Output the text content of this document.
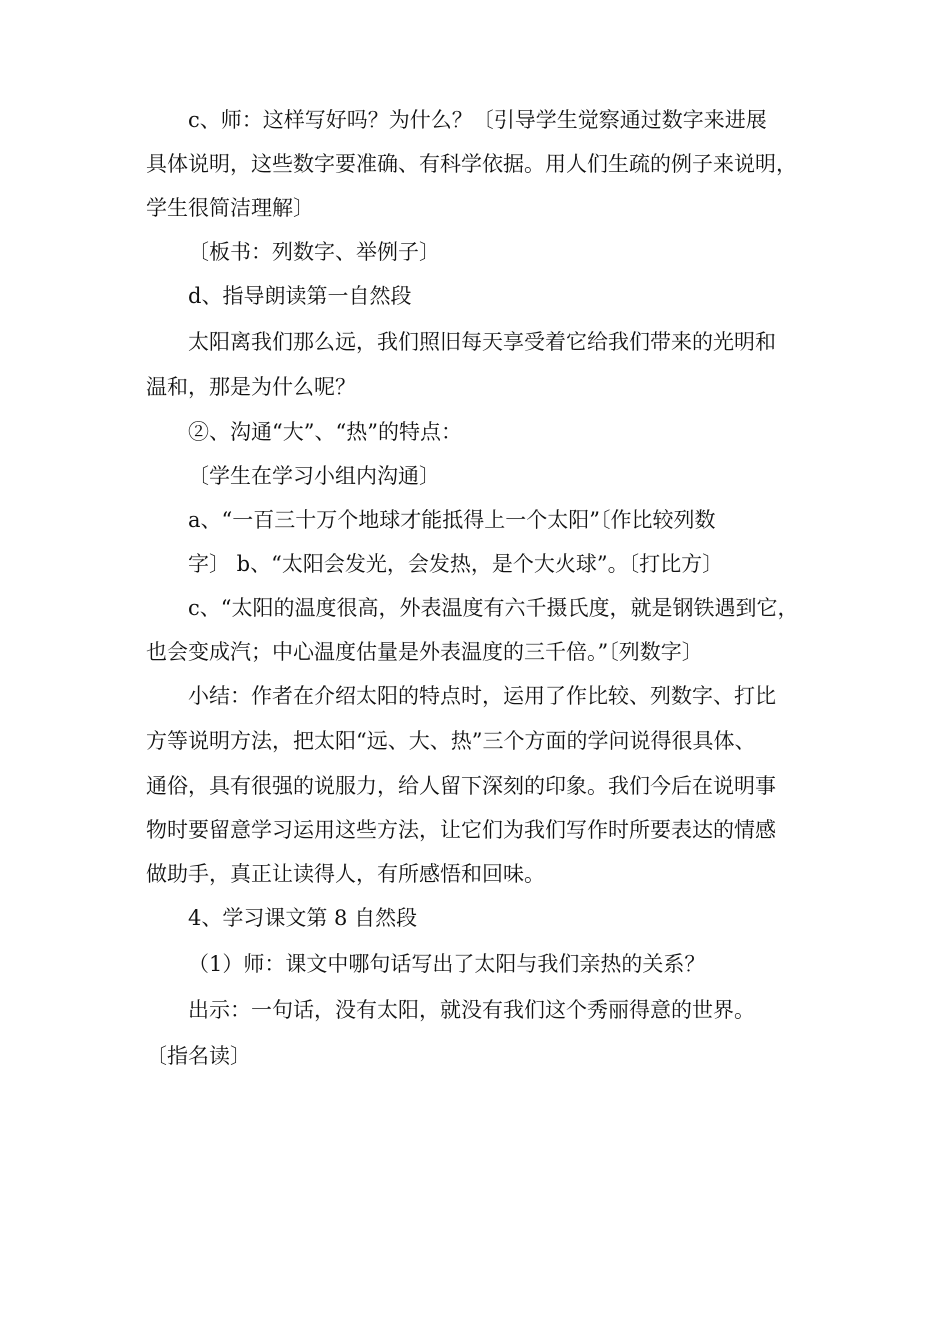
c、师：这样写好吗？为什么？〔引导学生觉察通过数字来进展
具体说明，这些数字要准确、有科学依据。用人们生疏的例子来说明，
学生很简洁理解〕
〔板书：列数字、举例子〕
d、指导朗读第一自然段
太阳离我们那么远，我们照旧每天享受着它给我们带来的光明和
温和，那是为什么呢？
②、沟通“大”、“热”的特点：
〔学生在学习小组内沟通〕
a、“一百三十万个地球才能抵得上一个太阳”〔作比较列数
字〕 b、“太阳会发光，会发热，是个大火球”。〔打比方〕
c、“太阳的温度很高，外表温度有六千摄氏度，就是钢铁遇到它，
也会变成汽；中心温度估量是外表温度的三千倍。”〔列数字〕
小结：作者在介绍太阳的特点时，运用了作比较、列数字、打比
方等说明方法，把太阳“远、大、热”三个方面的学问说得很具体、
通俗，具有很强的说服力，给人留下深刻的印象。我们今后在说明事
物时要留意学习运用这些方法，让它们为我们写作时所要表达的情感
做助手，真正让读得人，有所感悟和回味。
4、学习课文第 8 自然段
（1）师：课文中哪句话写出了太阳与我们亲热的关系？
出示：一句话，没有太阳，就没有我们这个秀丽得意的世界。
〔指名读〕
